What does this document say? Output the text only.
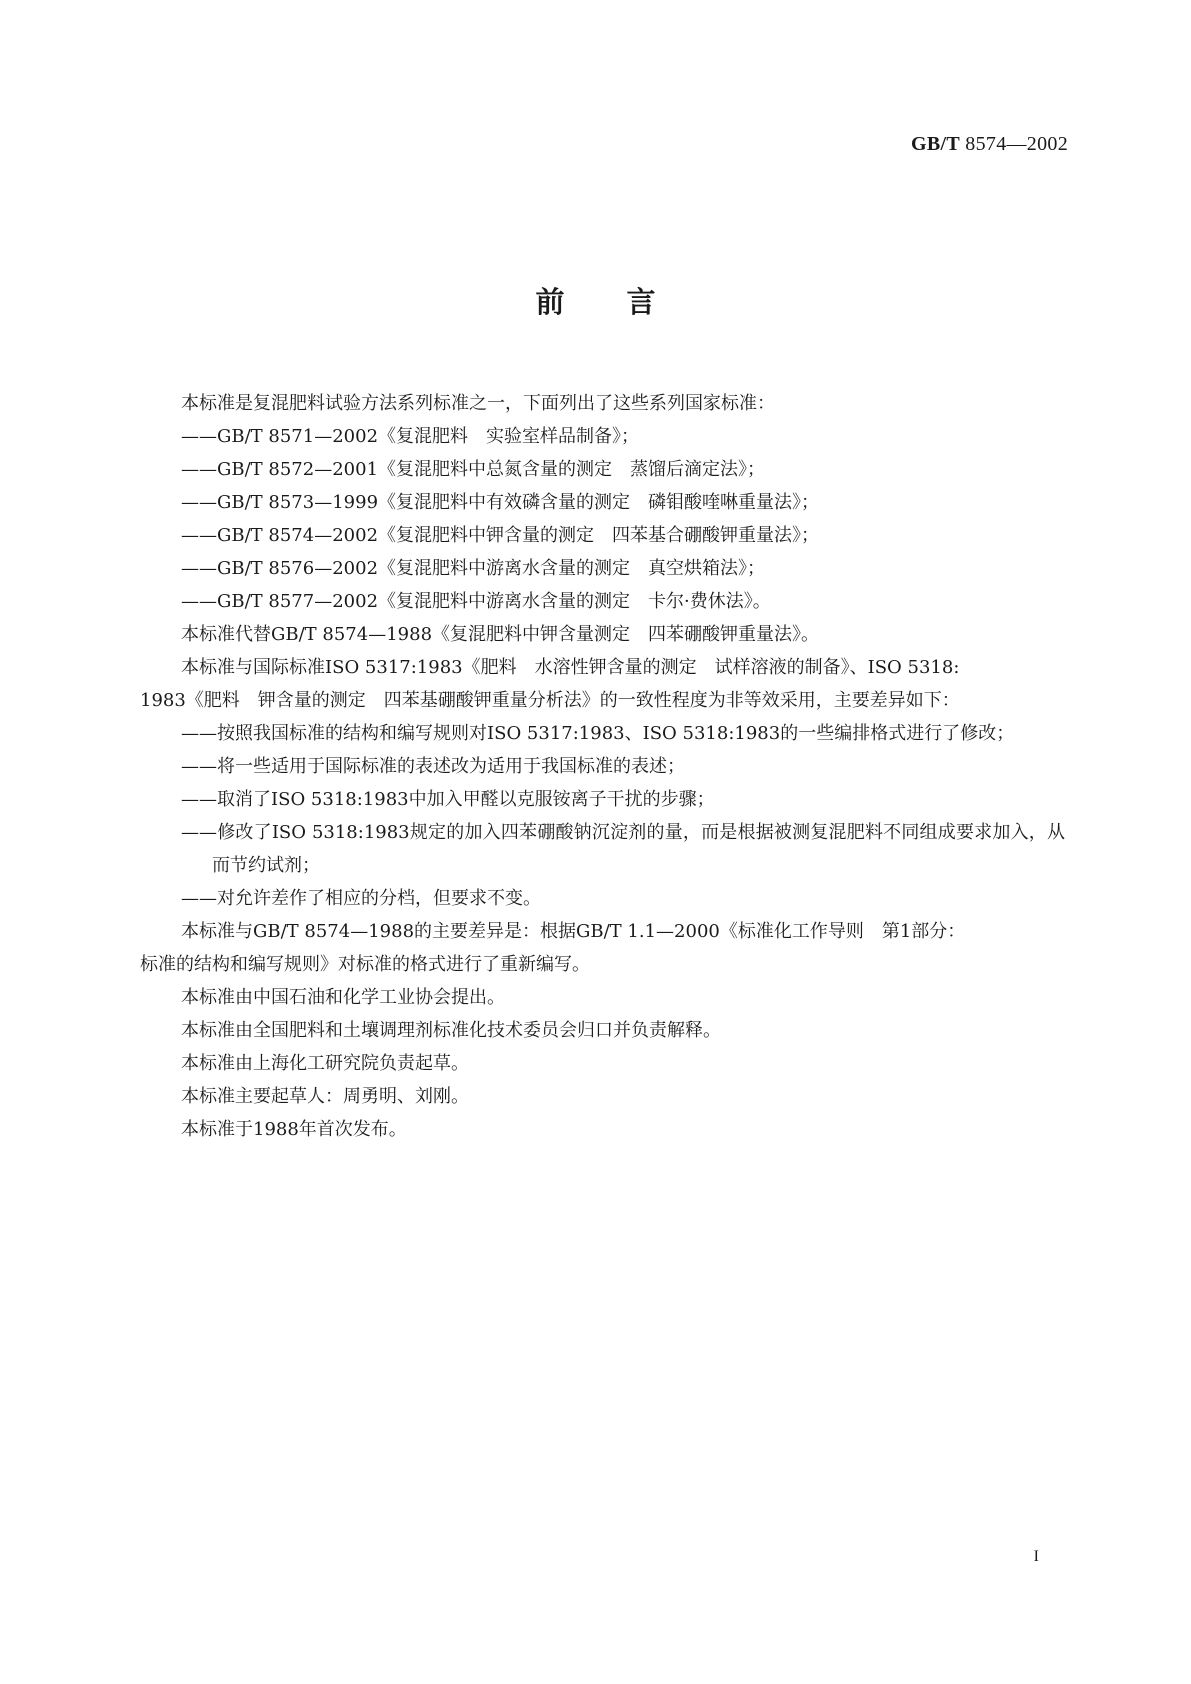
GB/T 8574—2002
前言

本标准是复混肥料试验方法系列标准之一，下面列出了这些系列国家标准：

——GB/T 8571—2002《复混肥料　实验室样品制备》；

——GB/T 8572—2001《复混肥料中总氮含量的测定　蒸馏后滴定法》；

——GB/T 8573—1999《复混肥料中有效磷含量的测定　磷钼酸喹啉重量法》；

——GB/T 8574—2002《复混肥料中钾含量的测定　四苯基合硼酸钾重量法》；

——GB/T 8576—2002《复混肥料中游离水含量的测定　真空烘箱法》；

——GB/T 8577—2002《复混肥料中游离水含量的测定　卡尔·费休法》。

本标准代替GB/T 8574—1988《复混肥料中钾含量测定　四苯硼酸钾重量法》。

本标准与国际标准ISO 5317:1983《肥料　水溶性钾含量的测定　试样溶液的制备》、ISO 5318:

1983《肥料　钾含量的测定　四苯基硼酸钾重量分析法》的一致性程度为非等效采用，主要差异如下：

——按照我国标准的结构和编写规则对ISO 5317:1983、ISO 5318:1983的一些编排格式进行了修改；

——将一些适用于国际标准的表述改为适用于我国标准的表述；

——取消了ISO 5318:1983中加入甲醛以克服铵离子干扰的步骤；

——修改了ISO 5318:1983规定的加入四苯硼酸钠沉淀剂的量，而是根据被测复混肥料不同组成要求加入，从而节约试剂；

——对允许差作了相应的分档，但要求不变。

本标准与GB/T 8574—1988的主要差异是：根据GB/T 1.1—2000《标准化工作导则　第1部分：

标准的结构和编写规则》对标准的格式进行了重新编写。

本标准由中国石油和化学工业协会提出。

本标准由全国肥料和土壤调理剂标准化技术委员会归口并负责解释。

本标准由上海化工研究院负责起草。

本标准主要起草人：周勇明、刘刚。

本标准于1988年首次发布。

I
